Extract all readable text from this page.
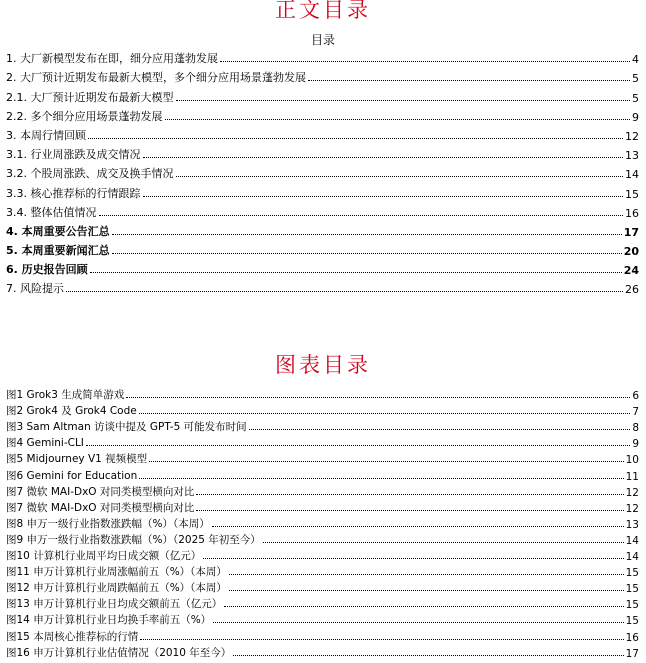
正文目录
目录
1. 大厂新模型发布在即，细分应用蓬勃发展	4
2. 大厂预计近期发布最新大模型，多个细分应用场景蓬勃发展	5
2.1. 大厂预计近期发布最新大模型	5
2.2. 多个细分应用场景蓬勃发展	9
3. 本周行情回顾	12
3.1. 行业周涨跌及成交情况	13
3.2. 个股周涨跌、成交及换手情况	14
3.3. 核心推荐标的行情跟踪	15
3.4. 整体估值情况	16
4. 本周重要公告汇总	17
5. 本周重要新闻汇总	20
6. 历史报告回顾	24
7. 风险提示	26
图表目录
图1 Grok3 生成简单游戏	6
图2 Grok4 及 Grok4 Code	7
图3 Sam Altman 访谈中提及 GPT-5 可能发布时间	8
图4 Gemini-CLI	9
图5 Midjourney V1 视频模型	10
图6 Gemini for Education	11
图7 微软 MAI-DxO 对同类模型横向对比	12
图7 微软 MAI-DxO 对同类模型横向对比	12
图8 申万一级行业指数涨跌幅（%）（本周）	13
图9 申万一级行业指数涨跌幅（%）（2025 年初至今）	14
图10 计算机行业周平均日成交额（亿元）	14
图11 申万计算机行业周涨幅前五（%）（本周）	15
图12 申万计算机行业周跌幅前五（%）（本周）	15
图13 申万计算机行业日均成交额前五（亿元）	15
图14 申万计算机行业日均换手率前五（%）	15
图15 本周核心推荐标的行情	16
图16 申万计算机行业估值情况（2010 年至今）	17
